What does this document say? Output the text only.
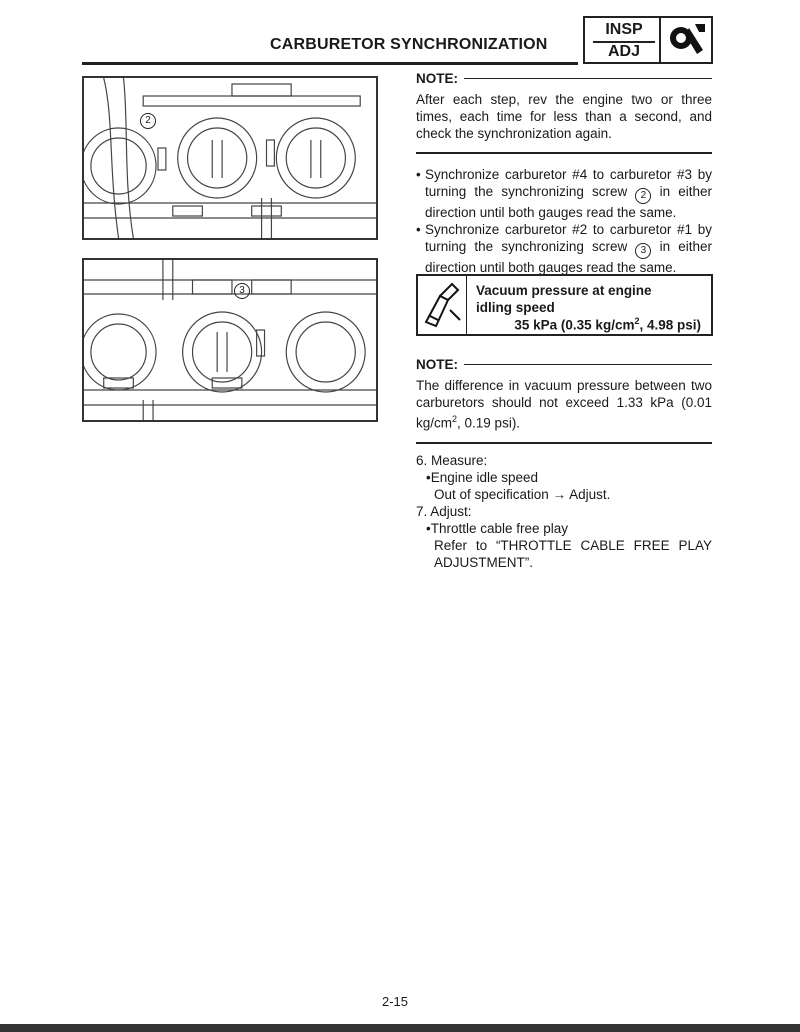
CARBURETOR SYNCHRONIZATION
INSP
ADJ
2
3
NOTE:
After each step, rev the engine two or three times, each time for less than a second, and check the synchronization again.
• Synchronize carburetor #4 to carburetor #3 by turning the synchronizing screw 2 in either direction until both gauges read the same.
• Synchronize carburetor #2 to carburetor #1 by turning the synchronizing screw 3 in either direction until both gauges read the same.
Vacuum pressure at engine
idling speed
35 kPa (0.35 $kg/cm^2$, 4.98 psi)
NOTE:
The difference in vacuum pressure between two carburetors should not exceed 1.33 kPa (0.01 $kg/cm^2$, 0.19 psi).
6. Measure:
•Engine idle speed
Out of specification → Adjust.
7. Adjust:
•Throttle cable free play
Refer to “THROTTLE CABLE FREE PLAY ADJUSTMENT”.
2-15
